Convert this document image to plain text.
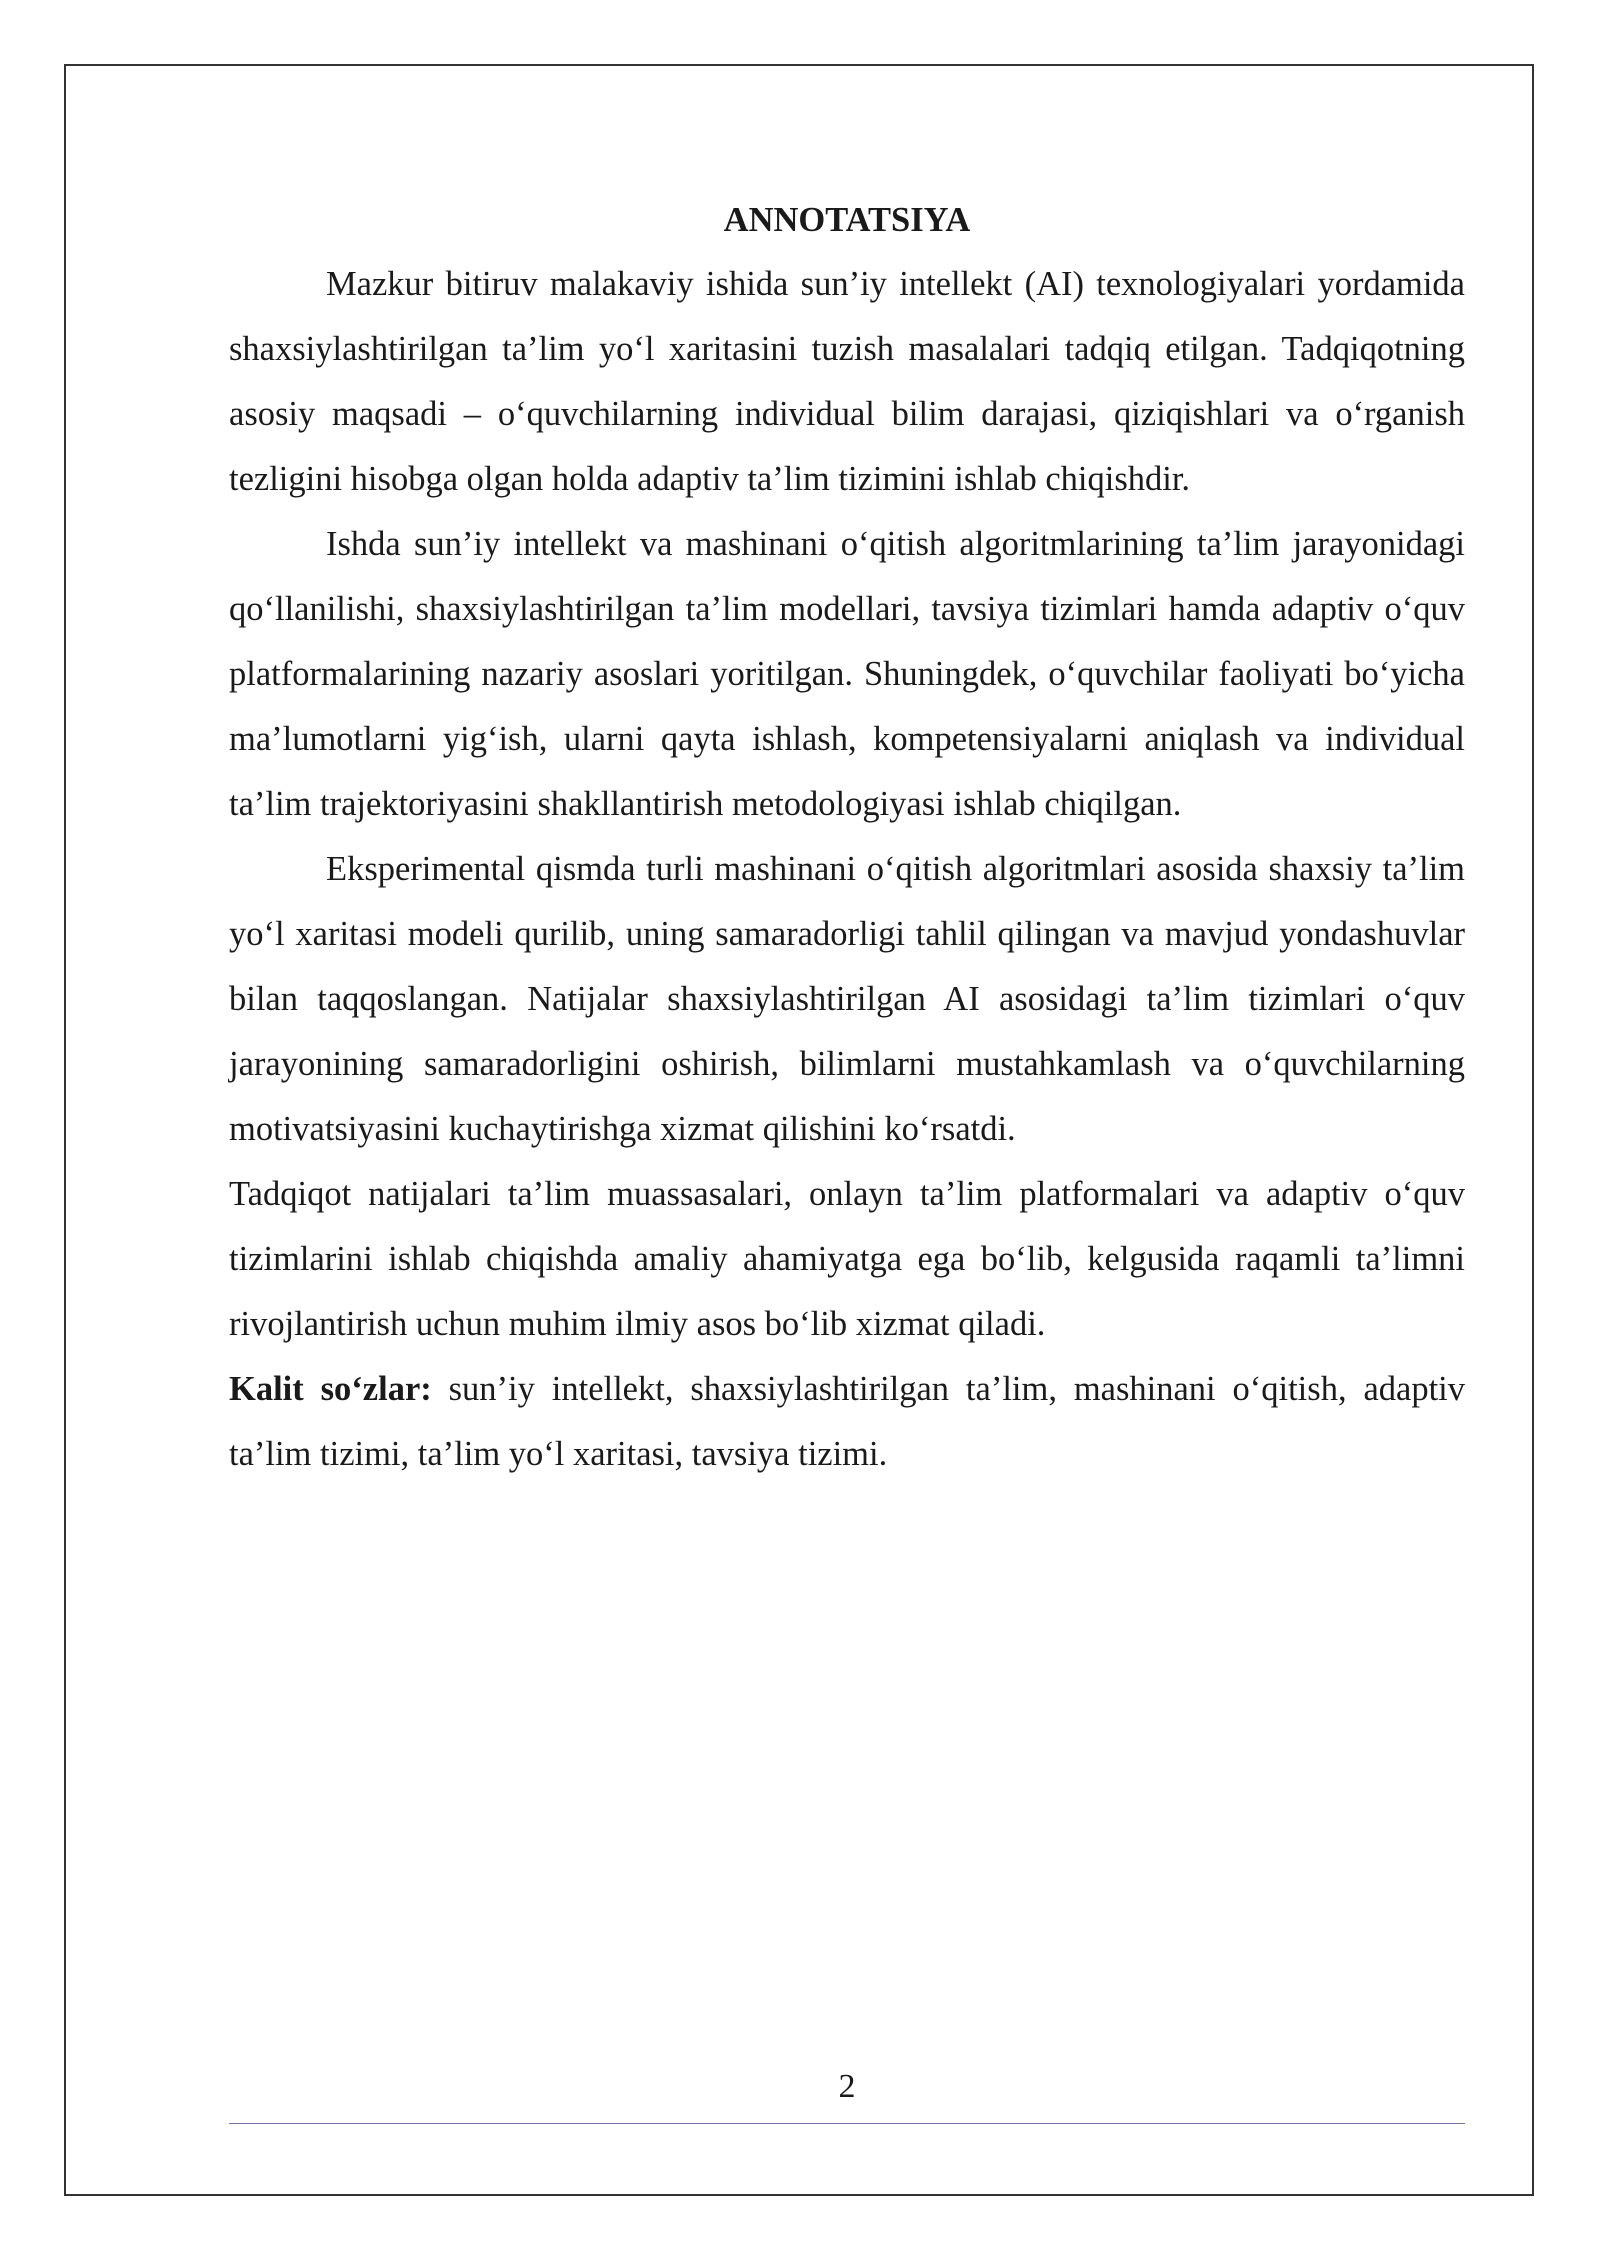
ANNOTATSIYA

Mazkur bitiruv malakaviy ishida sun’iy intellekt (AI) texnologiyalari yordamida shaxsiylashtirilgan ta’lim yo‘l xaritasini tuzish masalalari tadqiq etilgan. Tadqiqotning asosiy maqsadi – o‘quvchilarning individual bilim darajasi, qiziqishlari va o‘rganish tezligini hisobga olgan holda adaptiv ta’lim tizimini ishlab chiqishdir.

Ishda sun’iy intellekt va mashinani o‘qitish algoritmlarining ta’lim jarayonidagi qo‘llanilishi, shaxsiylashtirilgan ta’lim modellari, tavsiya tizimlari hamda adaptiv o‘quv platformalarining nazariy asoslari yoritilgan. Shuningdek, o‘quvchilar faoliyati bo‘yicha ma’lumotlarni yig‘ish, ularni qayta ishlash, kompetensiyalarni aniqlash va individual ta’lim trajektoriyasini shakllantirish metodologiyasi ishlab chiqilgan.

Eksperimental qismda turli mashinani o‘qitish algoritmlari asosida shaxsiy ta’lim yo‘l xaritasi modeli qurilib, uning samaradorligi tahlil qilingan va mavjud yondashuvlar bilan taqqoslangan. Natijalar shaxsiylashtirilgan AI asosidagi ta’lim tizimlari o‘quv jarayonining samaradorligini oshirish, bilimlarni mustahkamlash va o‘quvchilarning motivatsiyasini kuchaytirishga xizmat qilishini ko‘rsatdi.

Tadqiqot natijalari ta’lim muassasalari, onlayn ta’lim platformalari va adaptiv o‘quv tizimlarini ishlab chiqishda amaliy ahamiyatga ega bo‘lib, kelgusida raqamli ta’limni rivojlantirish uchun muhim ilmiy asos bo‘lib xizmat qiladi.

Kalit so‘zlar: sun’iy intellekt, shaxsiylashtirilgan ta’lim, mashinani o‘qitish, adaptiv ta’lim tizimi, ta’lim yo‘l xaritasi, tavsiya tizimi.

2
